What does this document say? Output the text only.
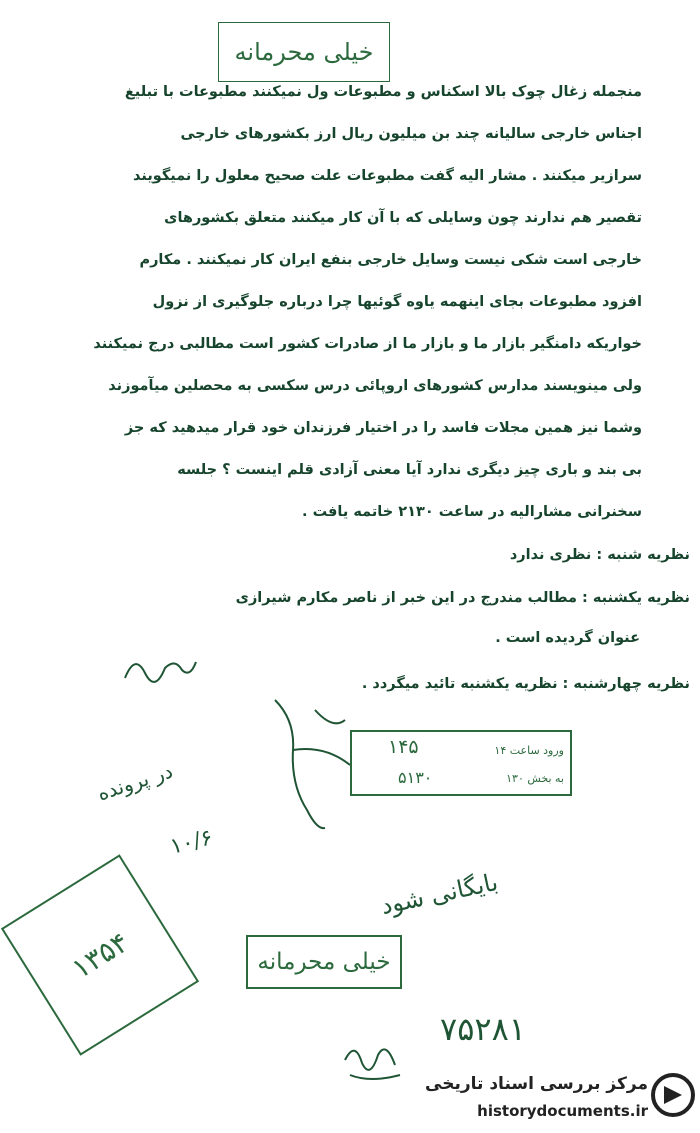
خیلی محرمانه
منجمله زغال چوک بالا اسكناس و مطبوعات ول نمیکنند مطبوعات با تبلیغ
اجناس خارجی سالیانه چند بن میلیون ریال ارز بکشورهای خارجی
سرازیر میکنند . مشار الیه گفت مطبوعات علت صحیح معلول را نمیگویند
تقصیر هم ندارند چون وسایلی که با آن کار میکنند متعلق بکشورهای
خارجی است شکی نیست وسایل خارجی بنفع ایران کار نمیکنند . مکارم
افزود مطبوعات بجای اینهمه یاوه گوئیها چرا درباره جلوگیری از نزول
خواریکه دامنگیر بازار ما و بازار ما از صادرات کشور است مطالبی درج نمیکنند
ولی مینویسند مدارس کشورهای اروپائی درس سکسی به محصلین میآموزند
وشما نیز همین مجلات فاسد را در اختیار فرزندان خود قرار میدهید که جز
بی بند و باری چیز دیگری ندارد آیا معنی آزادی قلم اینست ؟ جلسه
سخنرانی مشارالیه در ساعت ۲۱۳۰ خاتمه یافت .
نظریه شنبه : نظری ندارد
نظریه یکشنبه : مطالب مندرج در این خبر از ناصر مکارم شیرازی
عنوان گردیده است .
نظریه چهارشنبه : نظریه یکشنبه تائید میگردد .
ورود ساعت ۱۴
به بخش ۱۳۰
۱۴۵
۵۱۳۰
در پرونده
۱۰/۶
بایگانی شود
خیلی محرمانه
۱۳۵۴
۷۵۲۸۱
مرکز بررسی اسناد تاریخی
historydocuments.ir
